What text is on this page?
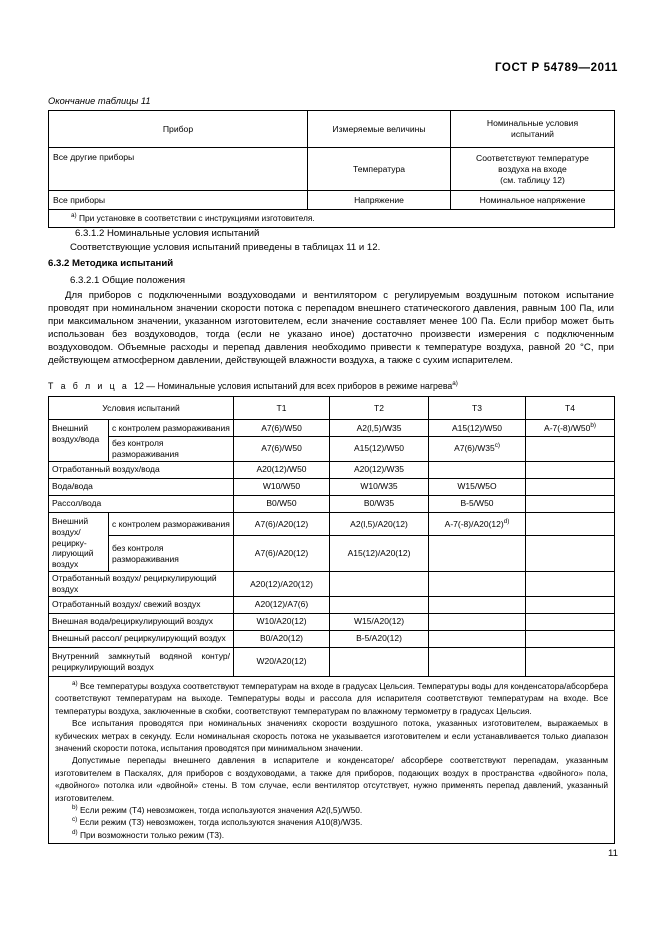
ГОСТ Р 54789—2011
Окончание таблицы 11
Прибор	Измеряемые величины	Номинальные условия
испытаний
Все другие приборы	Температура	Соответствуют температуре
воздуха на входе
(см. таблицу 12)
Все приборы	Напряжение	Номинальное напряжение
$^{a)}$ При установке в соответствии с инструкциями изготовителя.		
6.3.1.2 Номинальные условия испытаний
Соответствующие условия испытаний приведены в таблицах 11 и 12.
6.3.2 Методика испытаний
6.3.2.1 Общие положения
Для приборов с подключенными воздуховодами и вентилятором с регулируемым воздушным потоком испытание проводят при номинальном значении скорости потока с перепадом внешнего статическогого давления, равным 100 Па, или при максимальном значении, указанном изготовителем, если значение составляет менее 100 Па. Если прибор может быть использован без воздуховодов, тогда (если не указано иное) достаточно произвести измерения с подключенным воздуховодом. Объемные расходы и перепад давления необходимо привести к температуре воздуха, равной 20 °С, при действующем атмосферном давлении, действующей влажности воздуха, а также с сухим испарителем.
Т а б л и ц а 12 — Номинальные условия испытаний для всех приборов в режиме нагрева$^{a)}$
Условия испытаний		T1	T2	T3	T4
Внешний воздух/вода	с контролем размораживания	A7(6)/W50	A2(l,5)/W35	A15(12)/W50	A-7(-8)/W50$^{b)}$
	без контроля размораживания	A7(6)/W50	A15(12)/W50	A7(6)/W35$^{c)}$	
Отработанный воздух/вода		A20(12)/W50	A20(12)/W35		
Вода/вода		W10/W50	W10/W35	W15/W5O	
Рассол/вода		B0/W50	B0/W35	B-5/W50	
Внешний воздух/рециркулирующий воздух	с контролем размораживания	A7(6)/A20(12)	A2(l,5)/A20(12)	$A-7(-8)/A20(12)^{d)}$	
	без контроля размораживания	A7(6)/A20(12)	A15(12)/A20(12)		
Отработанный воздух/ рециркулирующий воздух		A20(12)/A20(12)			
Отработанный воздух/ свежий воздух		A20(12)/A7(6)			
Внешная вода/рециркулирующий воздух		W10/A20(12)	W15/A20(12)		
Внешный рассол/ рециркулирующий воздух		B0/A20(12)	B-5/A20(12)		
Внутренний замкнутый водяной контур/рециркулирующий воздух		W20/A20(12)			

$^{a)}$ Все температуры воздуха соответствуют температурам на входе в градусах Цельсия. Температуры воды для конденсатора/абсорбера соответствуют температурам на выходе. Температуры воды и рассола для испарителя соответствуют температурам на входе. Все температуры воздуха, заключенные в скобки, соответствуют температурам по влажному термометру в градусах Цельсия.

Все испытания проводятся при номинальных значениях скорости воздушного потока, указанных изготовителем, выражаемых в кубических метрах в секунду. Если номинальная скорость потока не указывается изготовителем и если устанавливается только диапазон значений скорости потока, испытания проводятся при минимальном значении.

Допустимые перепады внешнего давления в испарителе и конденсаторе/ абсорбере соответствуют перепадам, указанным изготовителем в Паскалях, для приборов с воздуховодами, а также для приборов, подающих воздух в пространства «двойного» пола, «двойного» потолка или «двойной» стены. В том случае, если вентилятор отсутствует, нужно применять перепад давлений, указанный изготовителем.

$^{b)}$ Если режим (T4) невозможен, тогда используются значения A2(l,5)/W50.

$^{c)}$ Если режим (T3) невозможен, тогда используются значения A10(8)/W35.

$^{d)}$ При возможности только режим (T3).

11
